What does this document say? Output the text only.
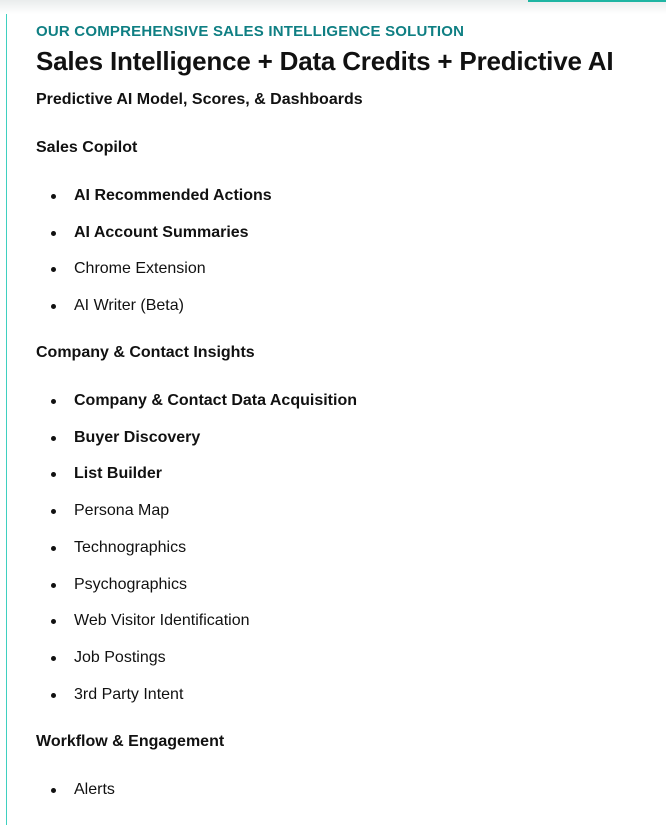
OUR COMPREHENSIVE SALES INTELLIGENCE SOLUTION

Sales Intelligence + Data Credits + Predictive AI
Predictive AI Model, Scores, & Dashboards
Sales Copilot
AI Recommended Actions
AI Account Summaries
Chrome Extension
AI Writer (Beta)
Company & Contact Insights
Company & Contact Data Acquisition
Buyer Discovery
List Builder
Persona Map
Technographics
Psychographics
Web Visitor Identification
Job Postings
3rd Party Intent
Workflow & Engagement
Alerts
